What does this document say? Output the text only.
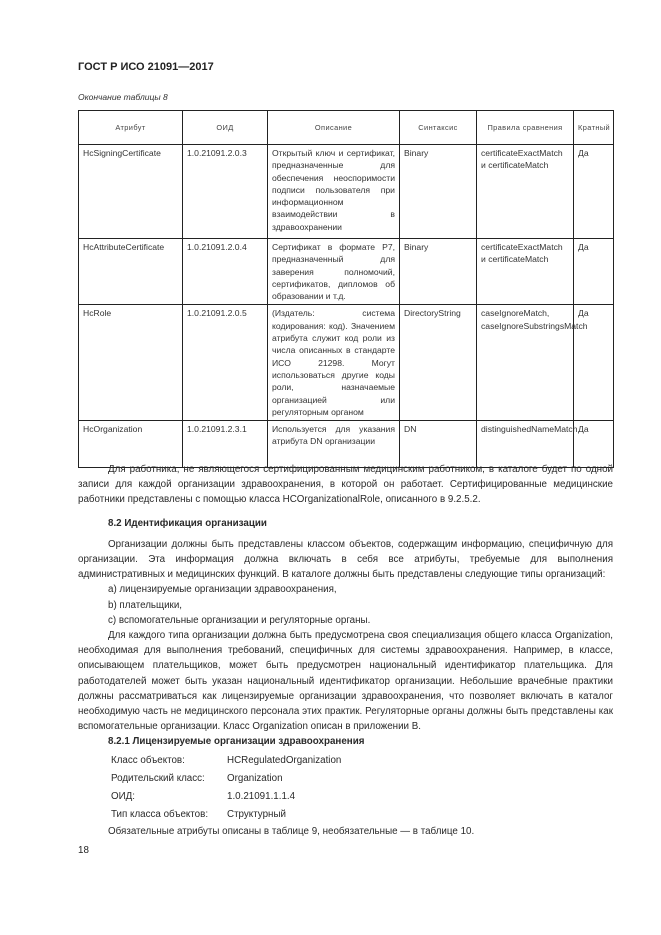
ГОСТ Р ИСО 21091—2017
Окончание таблицы 8
Атрибут	ОИД	Описание	Синтаксис	Правила сравнения	Кратный
HcSigningCertificate	1.0.21091.2.0.3	Открытый ключ и сертификат, предназначенные для обеспечения неоспоримости подписи пользователя при информационном взаимодействии в здравоохранении	Binary	certificateExactMatch и certificateMatch	Да
HcAttributeCertificate	1.0.21091.2.0.4	Сертификат в формате P7, предназначенный для заверения полномочий, сертификатов, дипломов об образовании и т.д.	Binary	certificateExactMatch и certificateMatch	Да
HcRole	1.0.21091.2.0.5	(Издатель: система кодирования: код). Значением атрибута служит код роли из числа описанных в стандарте ИСО 21298. Могут использоваться другие коды роли, назначаемые организацией или регуляторным органом	DirectoryString	caseIgnoreMatch, caseIgnoreSubstringsMatch	Да
HcOrganization	1.0.21091.2.3.1	Используется для указания атрибута DN организации	DN	distinguishedNameMatch	Да

Для работника, не являющегося сертифицированным медицинским работником, в каталоге будет по одной записи для каждой организации здравоохранения, в которой он работает. Сертифицированные медицинские работники представлены с помощью класса HCOrganizationalRole, описанного в 9.2.5.2.

8.2 Идентификация организации

Организации должны быть представлены классом объектов, содержащим информацию, специфичную для организации. Эта информация должна включать в себя все атрибуты, требуемые для выполнения административных и медицинских функций. В каталоге должны быть представлены следующие типы организаций:

а) лицензируемые организации здравоохранения,

b) плательщики,

с) вспомогательные организации и регуляторные органы.

Для каждого типа организации должна быть предусмотрена своя специализация общего класса Organization, необходимая для выполнения требований, специфичных для системы здравоохранения. Например, в классе, описывающем плательщиков, может быть предусмотрен национальный идентификатор плательщика. Для работодателей может быть указан национальный идентификатор организации. Небольшие врачебные практики должны рассматриваться как лицензируемые организации здравоохранения, что позволяет включать в каталог необходимую часть не медицинского персонала этих практик. Регуляторные органы должны быть представлены как вспомогательные организации. Класс Organization описан в приложении В.

8.2.1 Лицензируемые организации здравоохранения
Класс объектов:	HCRegulatedOrganization
Родительский класс:	Organization
ОИД:	1.0.21091.1.1.4
Тип класса объектов:	Структурный

Обязательные атрибуты описаны в таблице 9, необязательные — в таблице 10.

18
